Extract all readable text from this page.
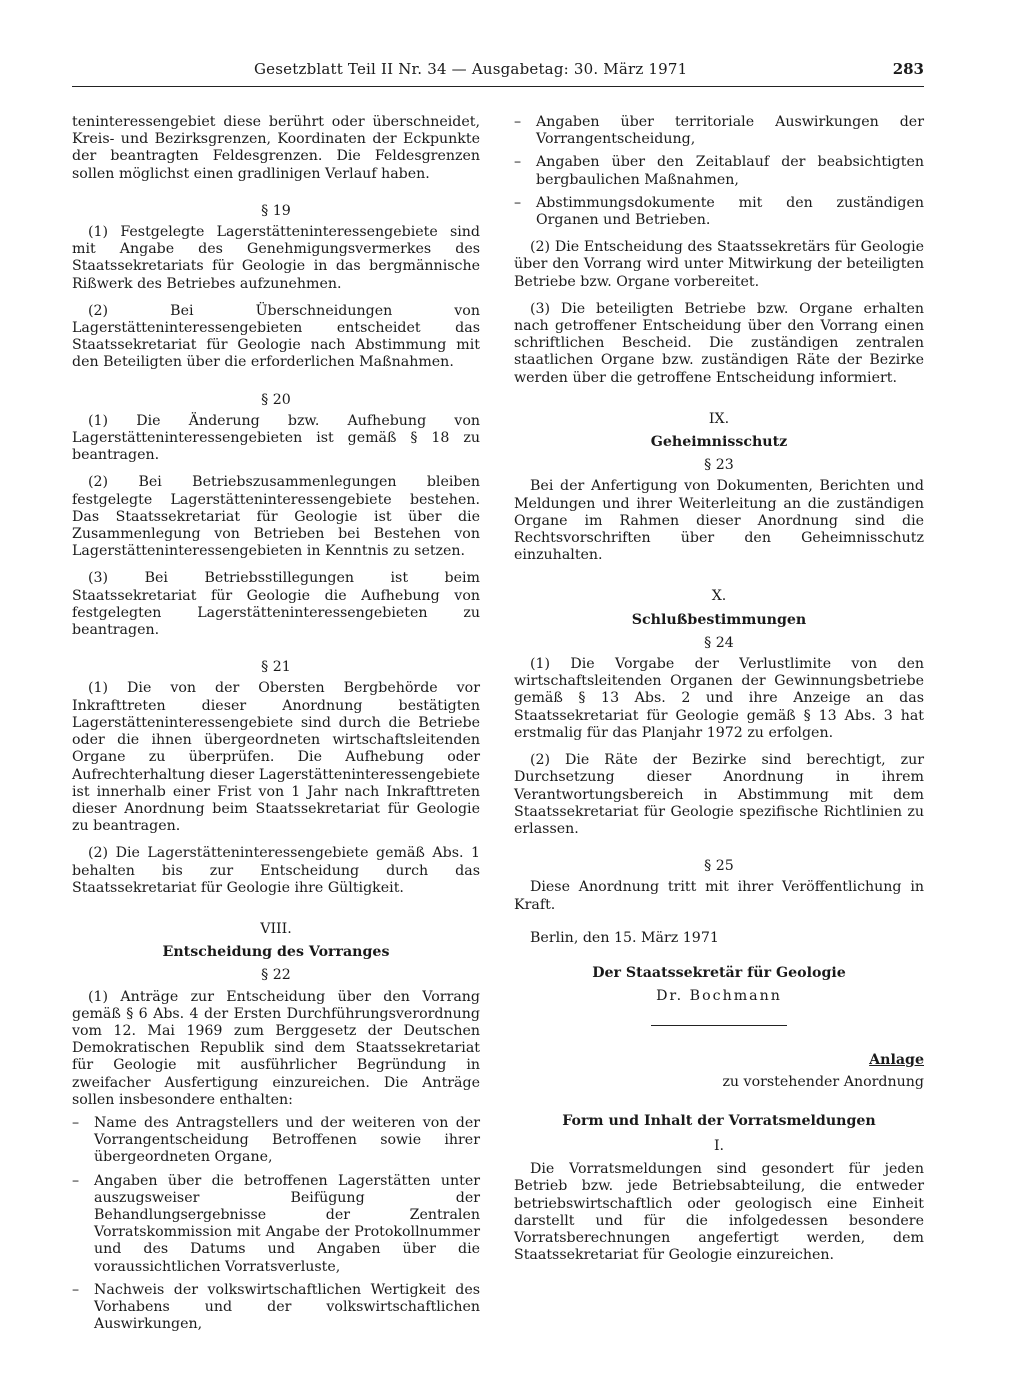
Gesetzblatt Teil II Nr. 34 — Ausgabetag: 30. März 1971	283

teninteressengebiet diese berührt oder überschneidet, Kreis- und Bezirksgrenzen, Koordinaten der Eckpunkte der beantragten Feldesgrenzen. Die Feldesgrenzen sollen möglichst einen gradlinigen Verlauf haben.

§ 19

(1) Festgelegte Lagerstätteninteressengebiete sind mit Angabe des Genehmigungsvermerkes des Staatssekretariats für Geologie in das bergmännische Rißwerk des Betriebes aufzunehmen.

(2) Bei Überschneidungen von Lagerstätteninteressengebieten entscheidet das Staatssekretariat für Geologie nach Abstimmung mit den Beteiligten über die erforderlichen Maßnahmen.

§ 20

(1) Die Änderung bzw. Aufhebung von Lagerstätteninteressengebieten ist gemäß § 18 zu beantragen.

(2) Bei Betriebszusammenlegungen bleiben festgelegte Lagerstätteninteressengebiete bestehen. Das Staatssekretariat für Geologie ist über die Zusammenlegung von Betrieben bei Bestehen von Lagerstätteninteressengebieten in Kenntnis zu setzen.

(3) Bei Betriebsstillegungen ist beim Staatssekretariat für Geologie die Aufhebung von festgelegten Lagerstätteninteressengebieten zu beantragen.

§ 21

(1) Die von der Obersten Bergbehörde vor Inkrafttreten dieser Anordnung bestätigten Lagerstätteninteressengebiete sind durch die Betriebe oder die ihnen übergeordneten wirtschaftsleitenden Organe zu überprüfen. Die Aufhebung oder Aufrechterhaltung dieser Lagerstätteninteressengebiete ist innerhalb einer Frist von 1 Jahr nach Inkrafttreten dieser Anordnung beim Staatssekretariat für Geologie zu beantragen.

(2) Die Lagerstätteninteressengebiete gemäß Abs. 1 behalten bis zur Entscheidung durch das Staatssekretariat für Geologie ihre Gültigkeit.

VIII.
Entscheidung des Vorranges
§ 22

(1) Anträge zur Entscheidung über den Vorrang gemäß § 6 Abs. 4 der Ersten Durchführungsverordnung vom 12. Mai 1969 zum Berggesetz der Deutschen Demokratischen Republik sind dem Staatssekretariat für Geologie mit ausführlicher Begründung in zweifacher Ausfertigung einzureichen. Die Anträge sollen insbesondere enthalten:

– Name des Antragstellers und der weiteren von der Vorrangentscheidung Betroffenen sowie ihrer übergeordneten Organe,
– Angaben über die betroffenen Lagerstätten unter auszugsweiser Beifügung der Behandlungsergebnisse der Zentralen Vorratskommission mit Angabe der Protokollnummer und des Datums und Angaben über die voraussichtlichen Vorratsverluste,
– Nachweis der volkswirtschaftlichen Wertigkeit des Vorhabens und der volkswirtschaftlichen Auswirkungen,
– Angaben über territoriale Auswirkungen der Vorrangentscheidung,
– Angaben über den Zeitablauf der beabsichtigten bergbaulichen Maßnahmen,
– Abstimmungsdokumente mit den zuständigen Organen und Betrieben.

(2) Die Entscheidung des Staatssekretärs für Geologie über den Vorrang wird unter Mitwirkung der beteiligten Betriebe bzw. Organe vorbereitet.

(3) Die beteiligten Betriebe bzw. Organe erhalten nach getroffener Entscheidung über den Vorrang einen schriftlichen Bescheid. Die zuständigen zentralen staatlichen Organe bzw. zuständigen Räte der Bezirke werden über die getroffene Entscheidung informiert.

IX.
Geheimnisschutz
§ 23

Bei der Anfertigung von Dokumenten, Berichten und Meldungen und ihrer Weiterleitung an die zuständigen Organe im Rahmen dieser Anordnung sind die Rechtsvorschriften über den Geheimnisschutz einzuhalten.

X.
Schlußbestimmungen
§ 24

(1) Die Vorgabe der Verlustlimite von den wirtschaftsleitenden Organen der Gewinnungsbetriebe gemäß § 13 Abs. 2 und ihre Anzeige an das Staatssekretariat für Geologie gemäß § 13 Abs. 3 hat erstmalig für das Planjahr 1972 zu erfolgen.

(2) Die Räte der Bezirke sind berechtigt, zur Durchsetzung dieser Anordnung in ihrem Verantwortungsbereich in Abstimmung mit dem Staatssekretariat für Geologie spezifische Richtlinien zu erlassen.

§ 25

Diese Anordnung tritt mit ihrer Veröffentlichung in Kraft.

Berlin, den 15. März 1971

Der Staatssekretär für Geologie
Dr. Bochmann
Anlage
zu vorstehender Anordnung
Form und Inhalt der Vorratsmeldungen
I.

Die Vorratsmeldungen sind gesondert für jeden Betrieb bzw. jede Betriebsabteilung, die entweder betriebswirtschaftlich oder geologisch eine Einheit darstellt und für die infolgedessen besondere Vorratsberechnungen angefertigt werden, dem Staatssekretariat für Geologie einzureichen.
